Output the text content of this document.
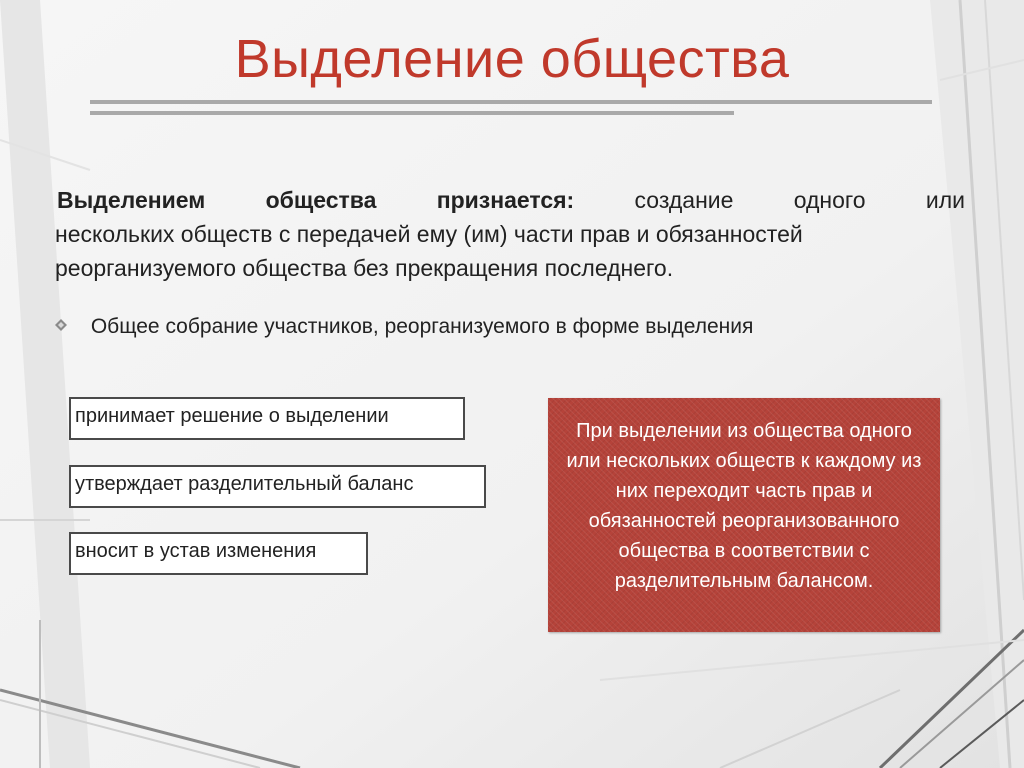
Выделение общества
Выделением общества признается:	создание одного или
нескольких обществ с передачей ему (им) части прав и обязанностей
реорганизуемого общества без прекращения последнего.
Общее собрание участников, реорганизуемого в форме выделения
принимает решение о выделении
утверждает разделительный баланс
вносит в устав изменения
При выделении из общества одного или нескольких обществ к каждому из них переходит часть прав и обязанностей реорганизованного общества в соответствии с разделительным балансом.
